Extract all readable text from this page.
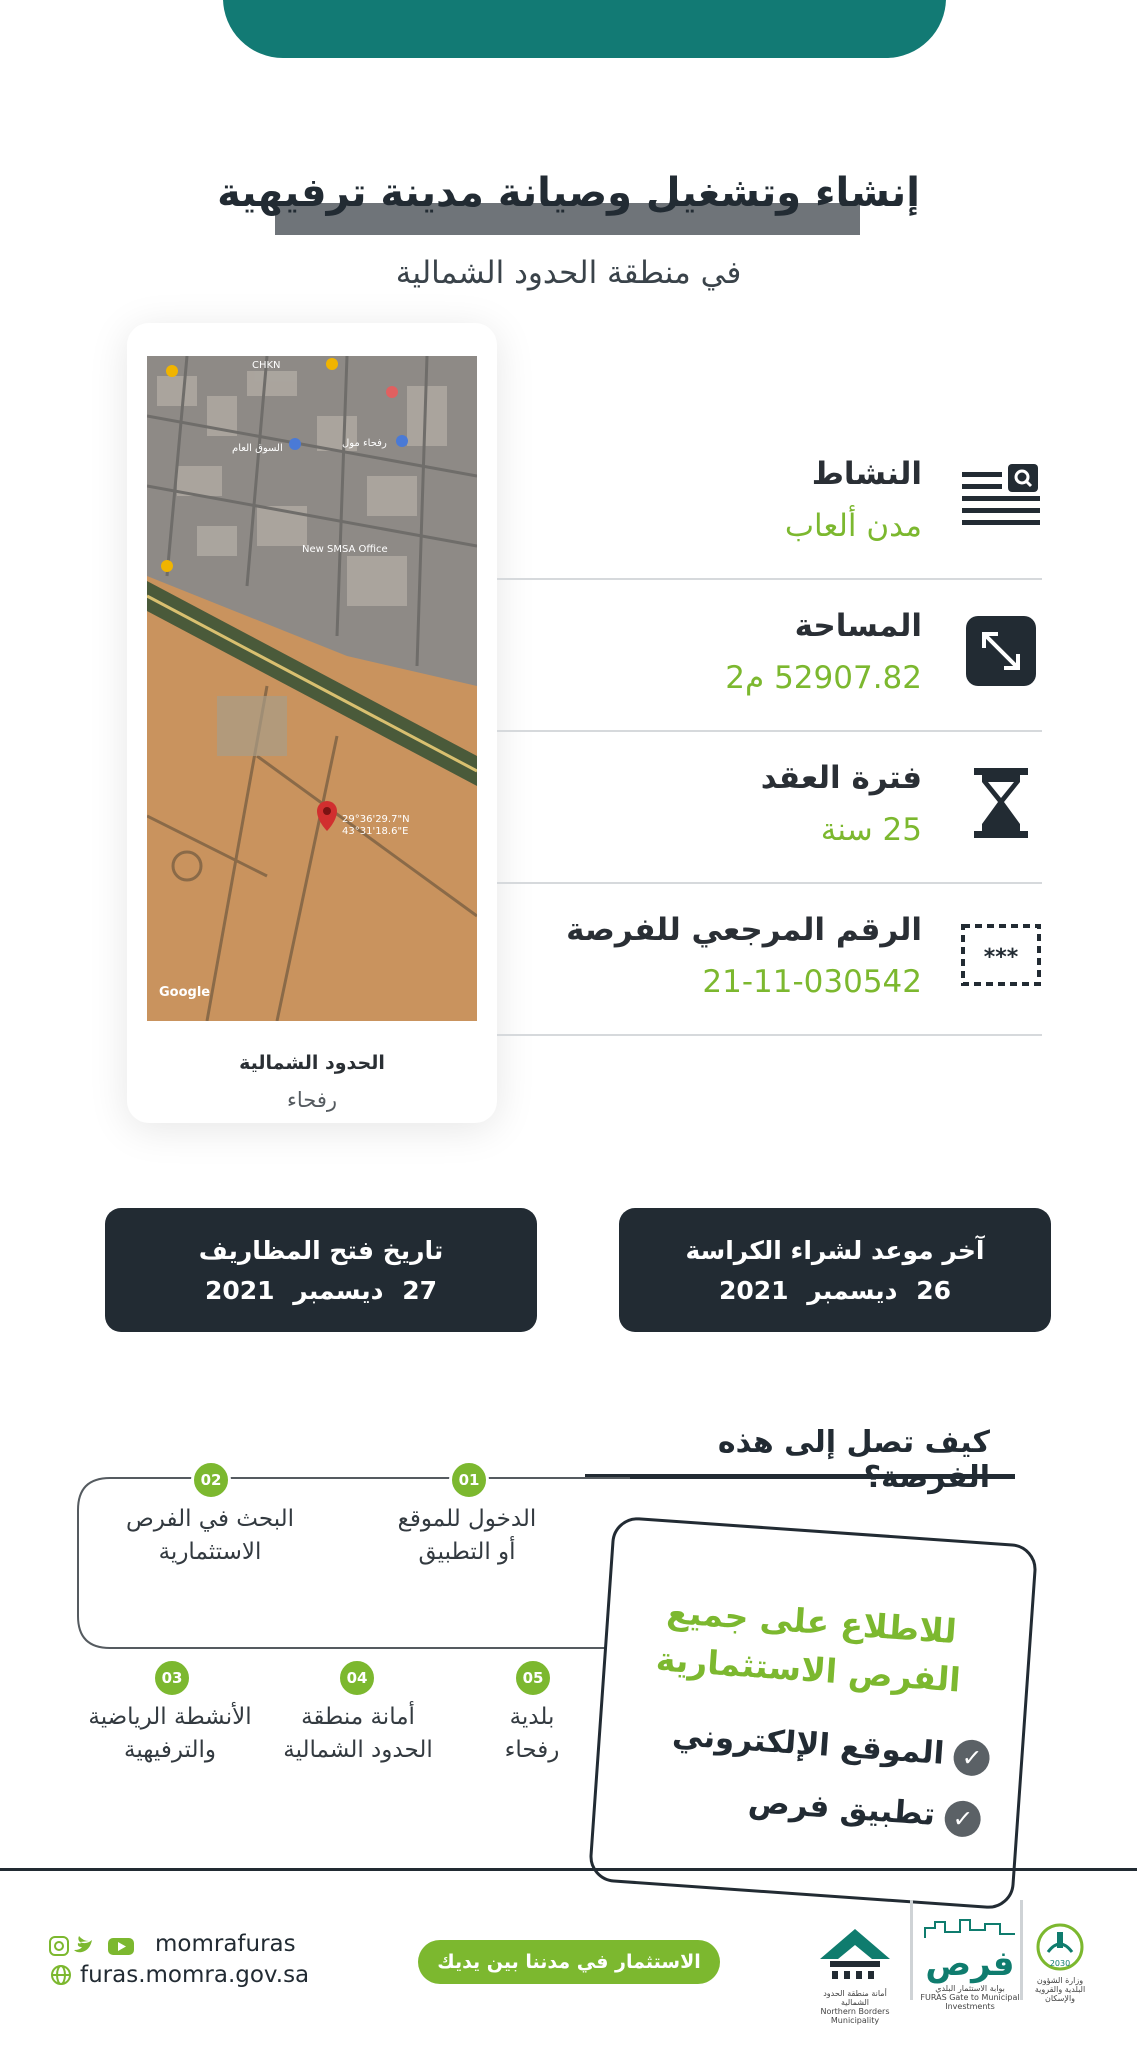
إنشاء وتشغيل وصيانة مدينة ترفيهية
في منطقة الحدود الشمالية
29°36'29.7"N
43°31'18.6"E
Google
CHKN
New SMSA Office
رفحاء مول
السوق العام
الحدود الشمالية
رفحاء
النشاط
مدن ألعاب
المساحة
52907.82 م2
فترة العقد
25 سنة
الرقم المرجعي للفرصة
21-11-030542
***
آخر موعد لشراء الكراسة
26 ديسمبر 2021
تاريخ فتح المظاريف
27 ديسمبر 2021
كيف تصل إلى هذه
01
الدخول للموقع
أو التطبيق
02
البحث في الفرص
الاستثمارية
03
الأنشطة الرياضية
والترفيهية
04
أمانة منطقة
الحدود الشمالية
05
بلدية
رفحاء
للاطلاع على جميع
الفرص الاستثمارية
✓الموقع الإلكتروني
✓تطبيق فرص
momrafuras
furas.momra.gov.sa	الاستثمار في مدننا بين يديك
أمانة منطقة الحدود الشمالية
Northern Borders Municipality
فرص
بوابة الاستثمار البلدي
FURAS Gate to Municipal Investments
2030
وزارة الشؤون البلدية والقروية والإسكان
